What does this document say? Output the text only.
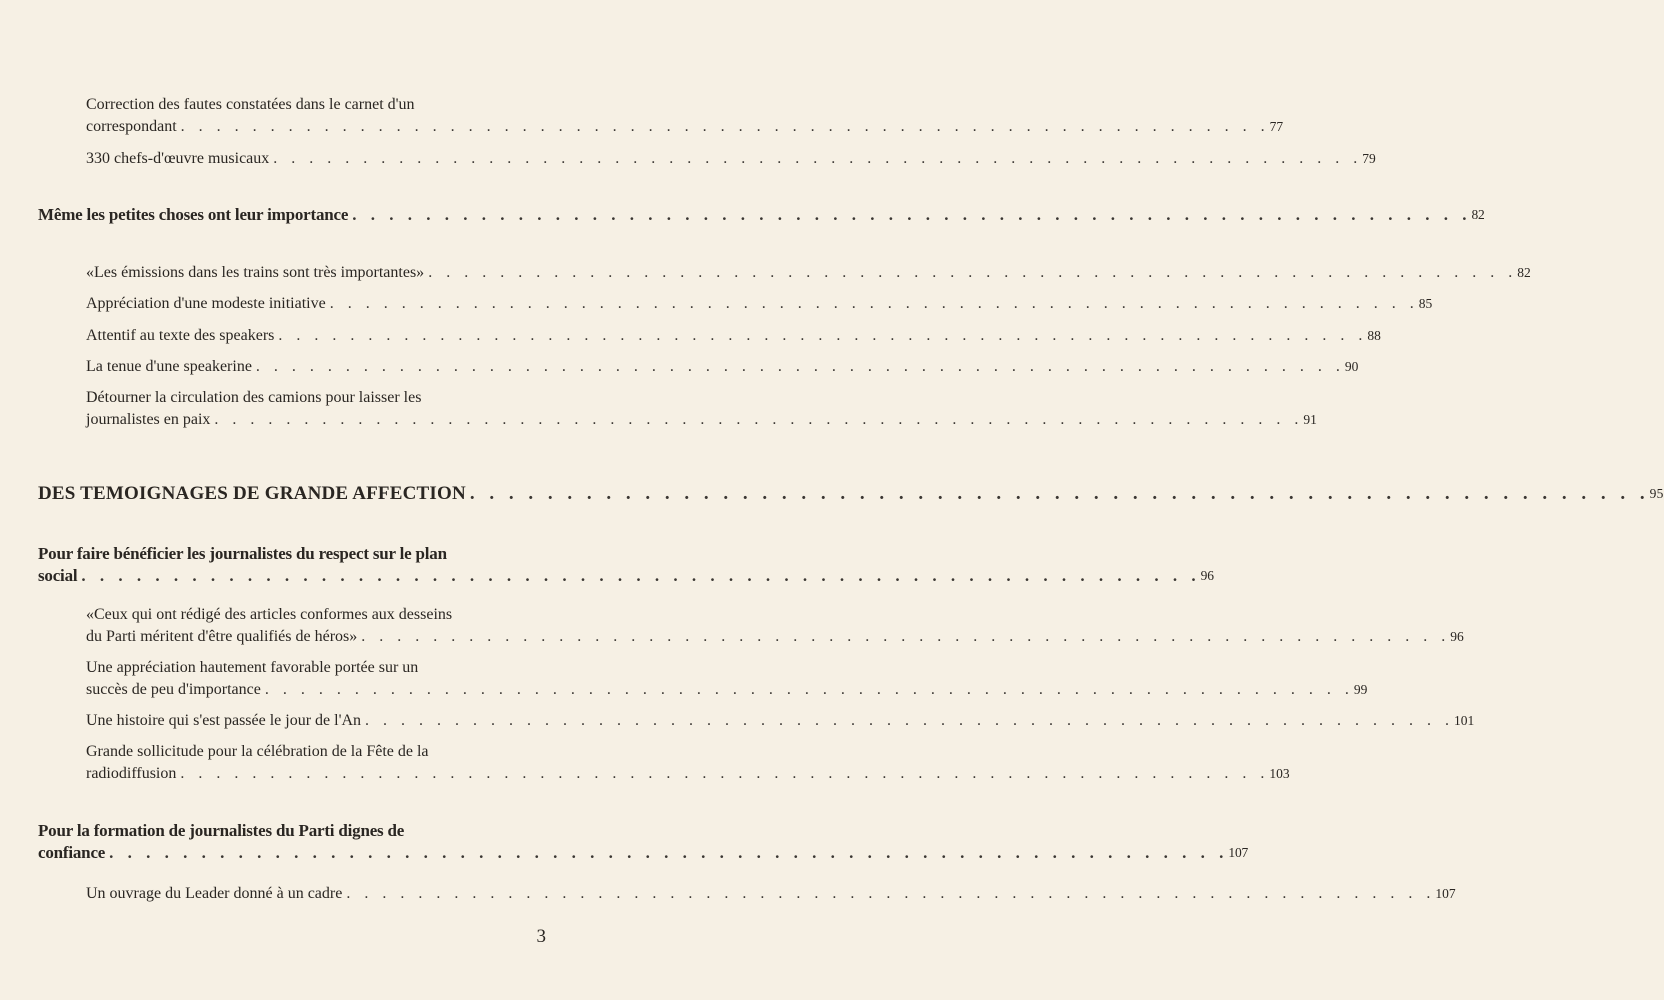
Correction des fautes constatées dans le carnet d'un
correspondant . . .	77
330 chefs-d'œuvre musicaux . . .	79
Même les petites choses ont leur importance . . .	82
«Les émissions dans les trains sont très importantes» . . .	82
Appréciation d'une modeste initiative . . .	85
Attentif au texte des speakers . . .	88
La tenue d'une speakerine . . .	90
Détourner la circulation des camions pour laisser les
journalistes en paix . . .	91
DES TEMOIGNAGES DE GRANDE AFFECTION . . .	95
Pour faire bénéficier les journalistes du respect sur le plan
social . . .	96
«Ceux qui ont rédigé des articles conformes aux desseins
du Parti méritent d'être qualifiés de héros» . . .	96
Une appréciation hautement favorable portée sur un
succès de peu d'importance . . .	99
Une histoire qui s'est passée le jour de l'An . . .	101
Grande sollicitude pour la célébration de la Fête de la
radiodiffusion . . .	103
Pour la formation de journalistes du Parti dignes de
confiance . . .	107
Un ouvrage du Leader donné à un cadre . . .	107
3
